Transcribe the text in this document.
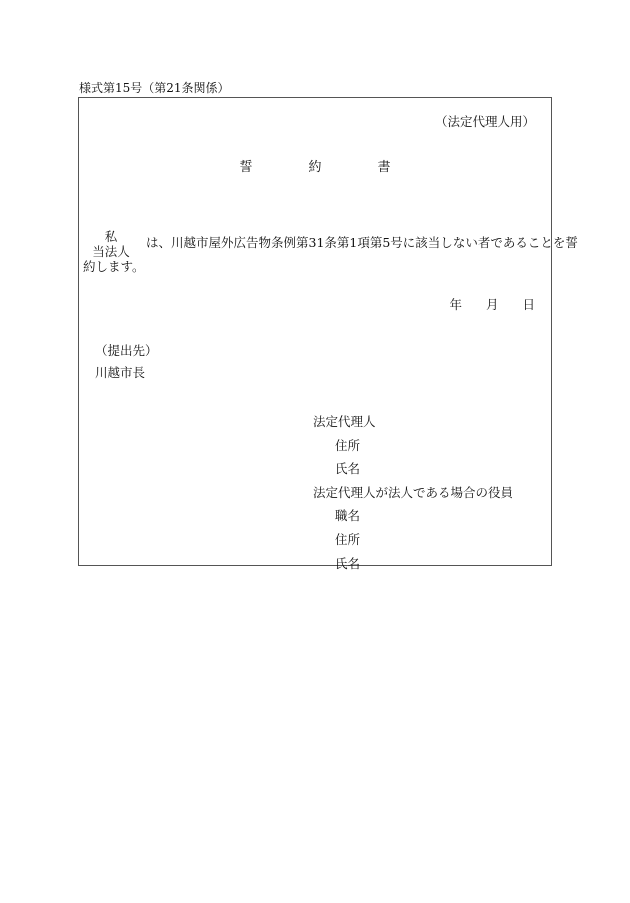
様式第15号（第21条関係）
（法定代理人用）
誓	約	書
私
当法人
は、川越市屋外広告物条例第31条第1項第5号に該当しない者であることを誓
約します。
年 月 日
（提出先）
川越市長
法定代理人
住所
氏名
法定代理人が法人である場合の役員
職名
住所
氏名
